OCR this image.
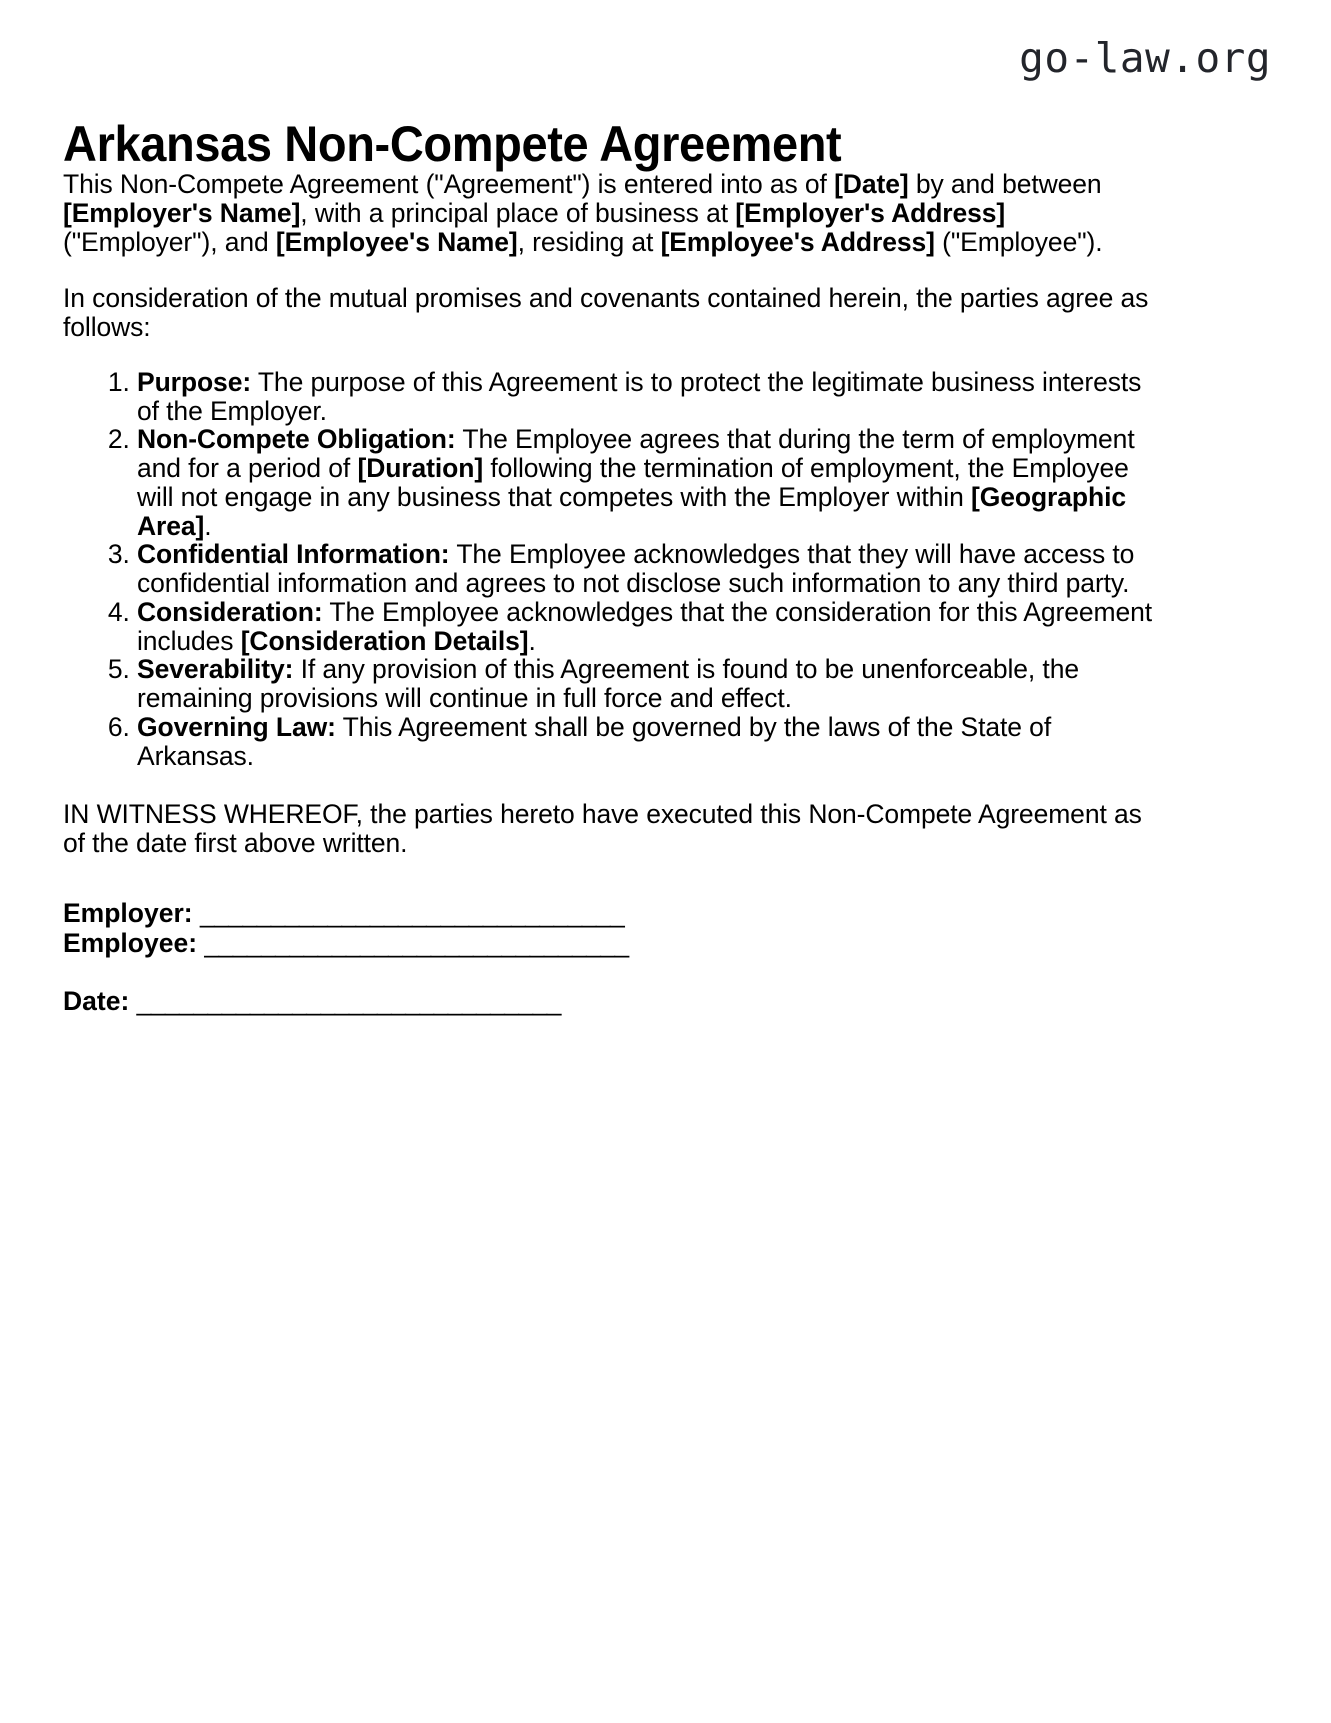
go-law.org
Arkansas Non-Compete Agreement

This Non-Compete Agreement ("Agreement") is entered into as of [Date] by and between [Employer's Name], with a principal place of business at [Employer's Address] ("Employer"), and [Employee's Name], residing at [Employee's Address] ("Employee").

In consideration of the mutual promises and covenants contained herein, the parties agree as follows:

1. Purpose: The purpose of this Agreement is to protect the legitimate business interests of the Employer.
2. Non-Compete Obligation: The Employee agrees that during the term of employment and for a period of [Duration] following the termination of employment, the Employee will not engage in any business that competes with the Employer within [Geographic Area].
3. Confidential Information: The Employee acknowledges that they will have access to confidential information and agrees to not disclose such information to any third party.
4. Consideration: The Employee acknowledges that the consideration for this Agreement includes [Consideration Details].
5. Severability: If any provision of this Agreement is found to be unenforceable, the remaining provisions will continue in full force and effect.
6. Governing Law: This Agreement shall be governed by the laws of the State of Arkansas.

IN WITNESS WHEREOF, the parties hereto have executed this Non-Compete Agreement as of the date first above written.

Employer: ______________________________

Employee: ______________________________

Date: ______________________________
